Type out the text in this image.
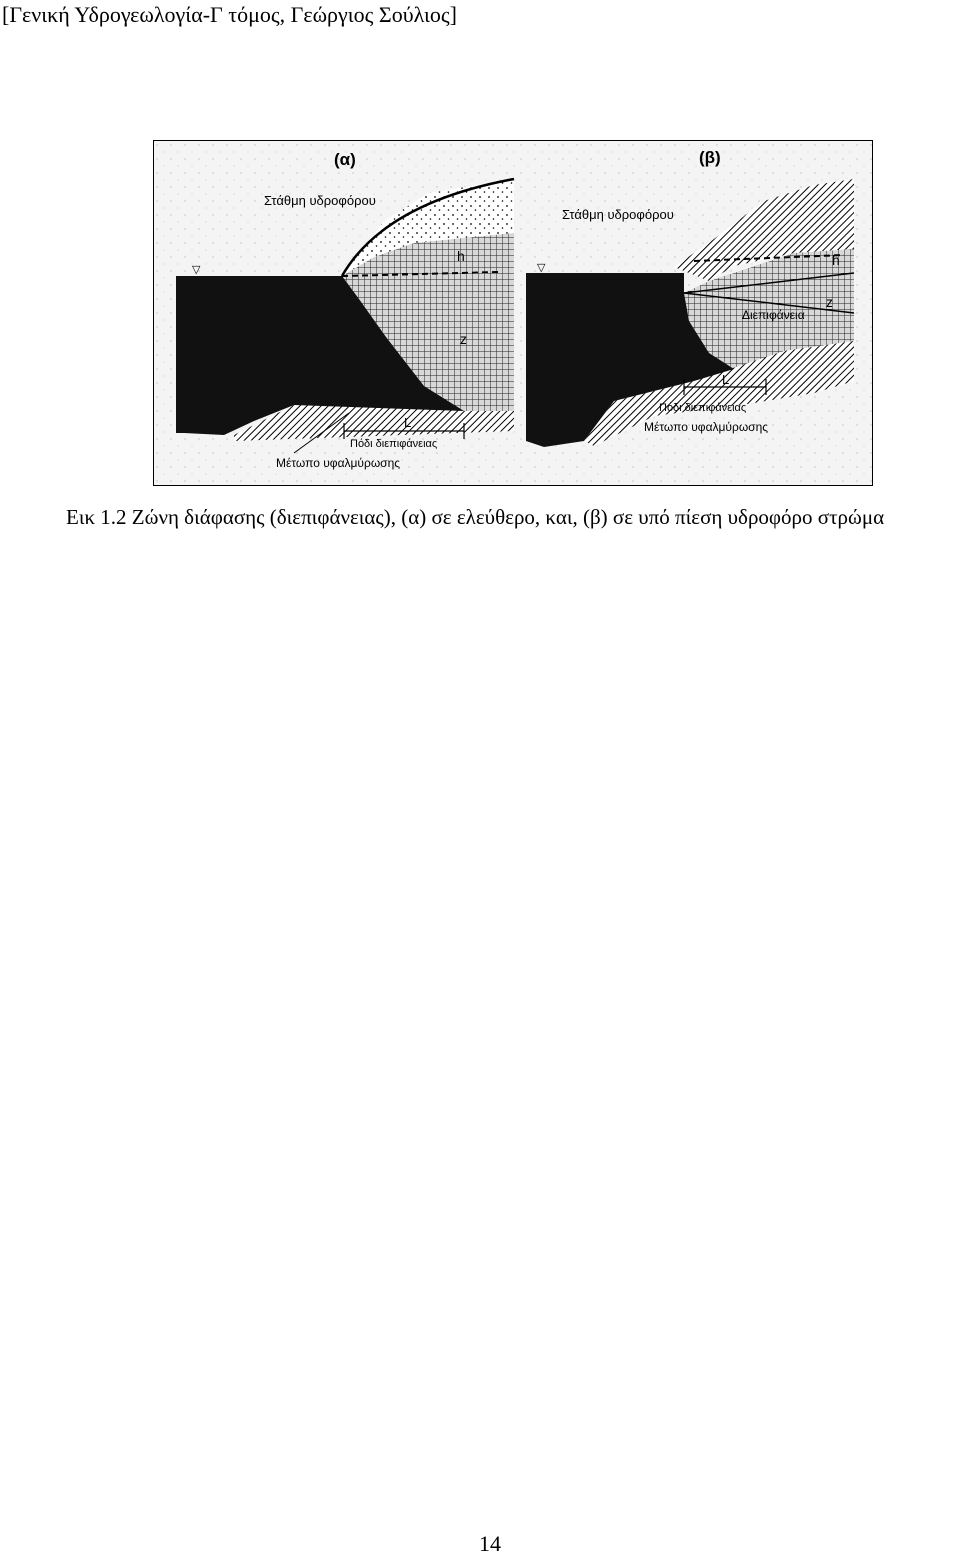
[Γενική Υδρογεωλογία-Γ τόμος, Γεώργιος Σούλιος]
(α)
Στάθμη υδροφόρου
h
z
L
Πόδι διεπιφάνειας
Μέτωπο υφαλμύρωσης
(β)
Στάθμη υδροφόρου
h
z
Διεπιφάνεια
L
Πόδι διεπιφάνειας
Μέτωπο υφαλμύρωσης
▽	▽
Εικ 1.2 Ζώνη διάφασης (διεπιφάνειας), (α) σε ελεύθερο, και, (β) σε υπό πίεση υδροφόρο στρώμα
14
